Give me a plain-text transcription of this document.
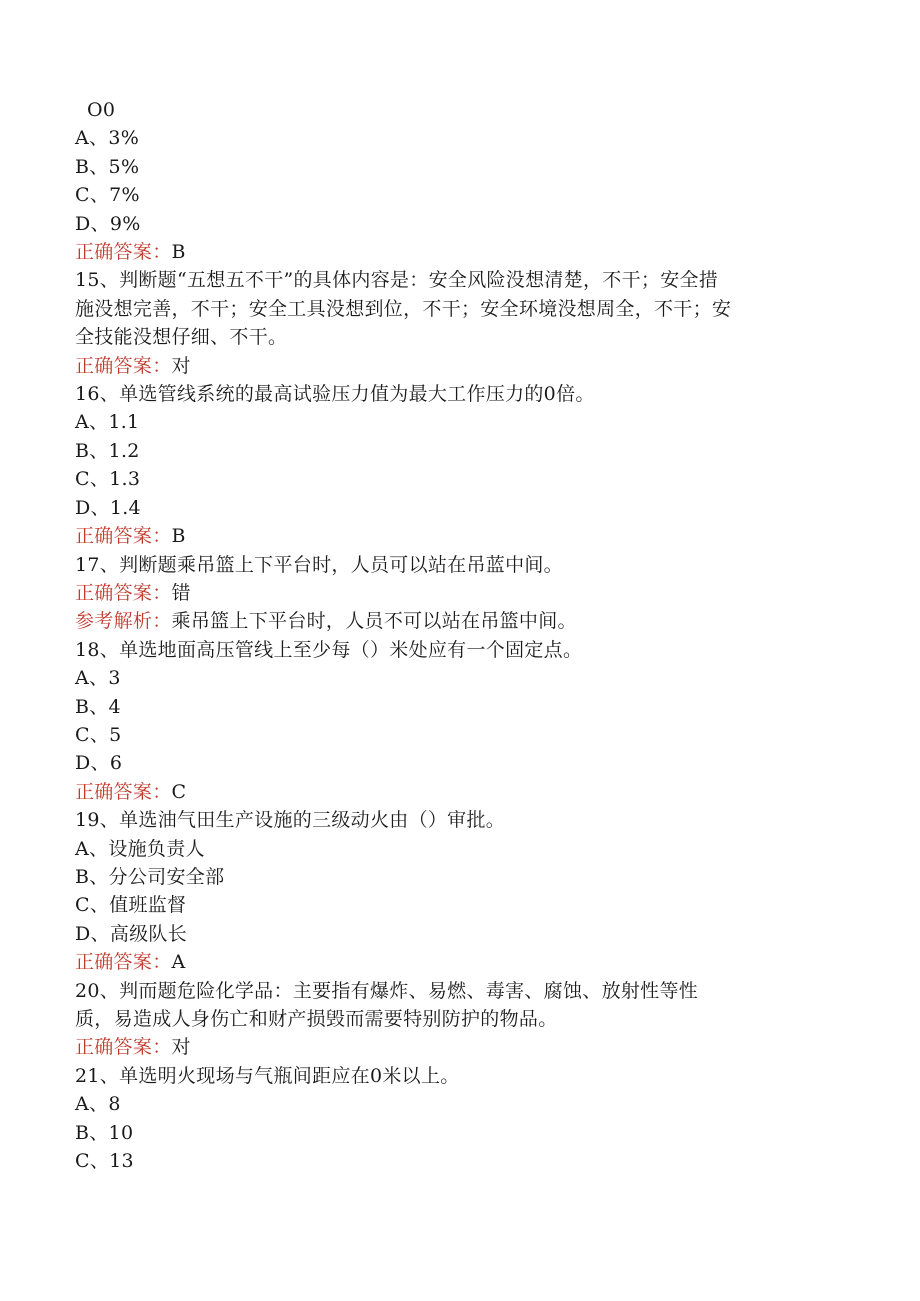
O0
A、3%
B、5%
C、7%
D、9%
正确答案：B
15、判断题“五想五不干”的具体内容是：安全风险没想清楚，不干；安全措
施没想完善，不干；安全工具没想到位，不干；安全环境没想周全，不干；安
全技能没想仔细、不干。
正确答案：对
16、单选管线系统的最高试验压力值为最大工作压力的0倍。
A、1.1
B、1.2
C、1.3
D、1.4
正确答案：B
17、判断题乘吊篮上下平台时，人员可以站在吊蓝中间。
正确答案：错
参考解析：乘吊篮上下平台时，人员不可以站在吊篮中间。
18、单选地面高压管线上至少每（）米处应有一个固定点。
A、3
B、4
C、5
D、6
正确答案：C
19、单选油气田生产设施的三级动火由（）审批。
A、设施负责人
B、分公司安全部
C、值班监督
D、高级队长
正确答案：A
20、判而题危险化学品：主要指有爆炸、易燃、毒害、腐蚀、放射性等性
质，易造成人身伤亡和财产损毁而需要特别防护的物品。
正确答案：对
21、单选明火现场与气瓶间距应在0米以上。
A、8
B、10
C、13
